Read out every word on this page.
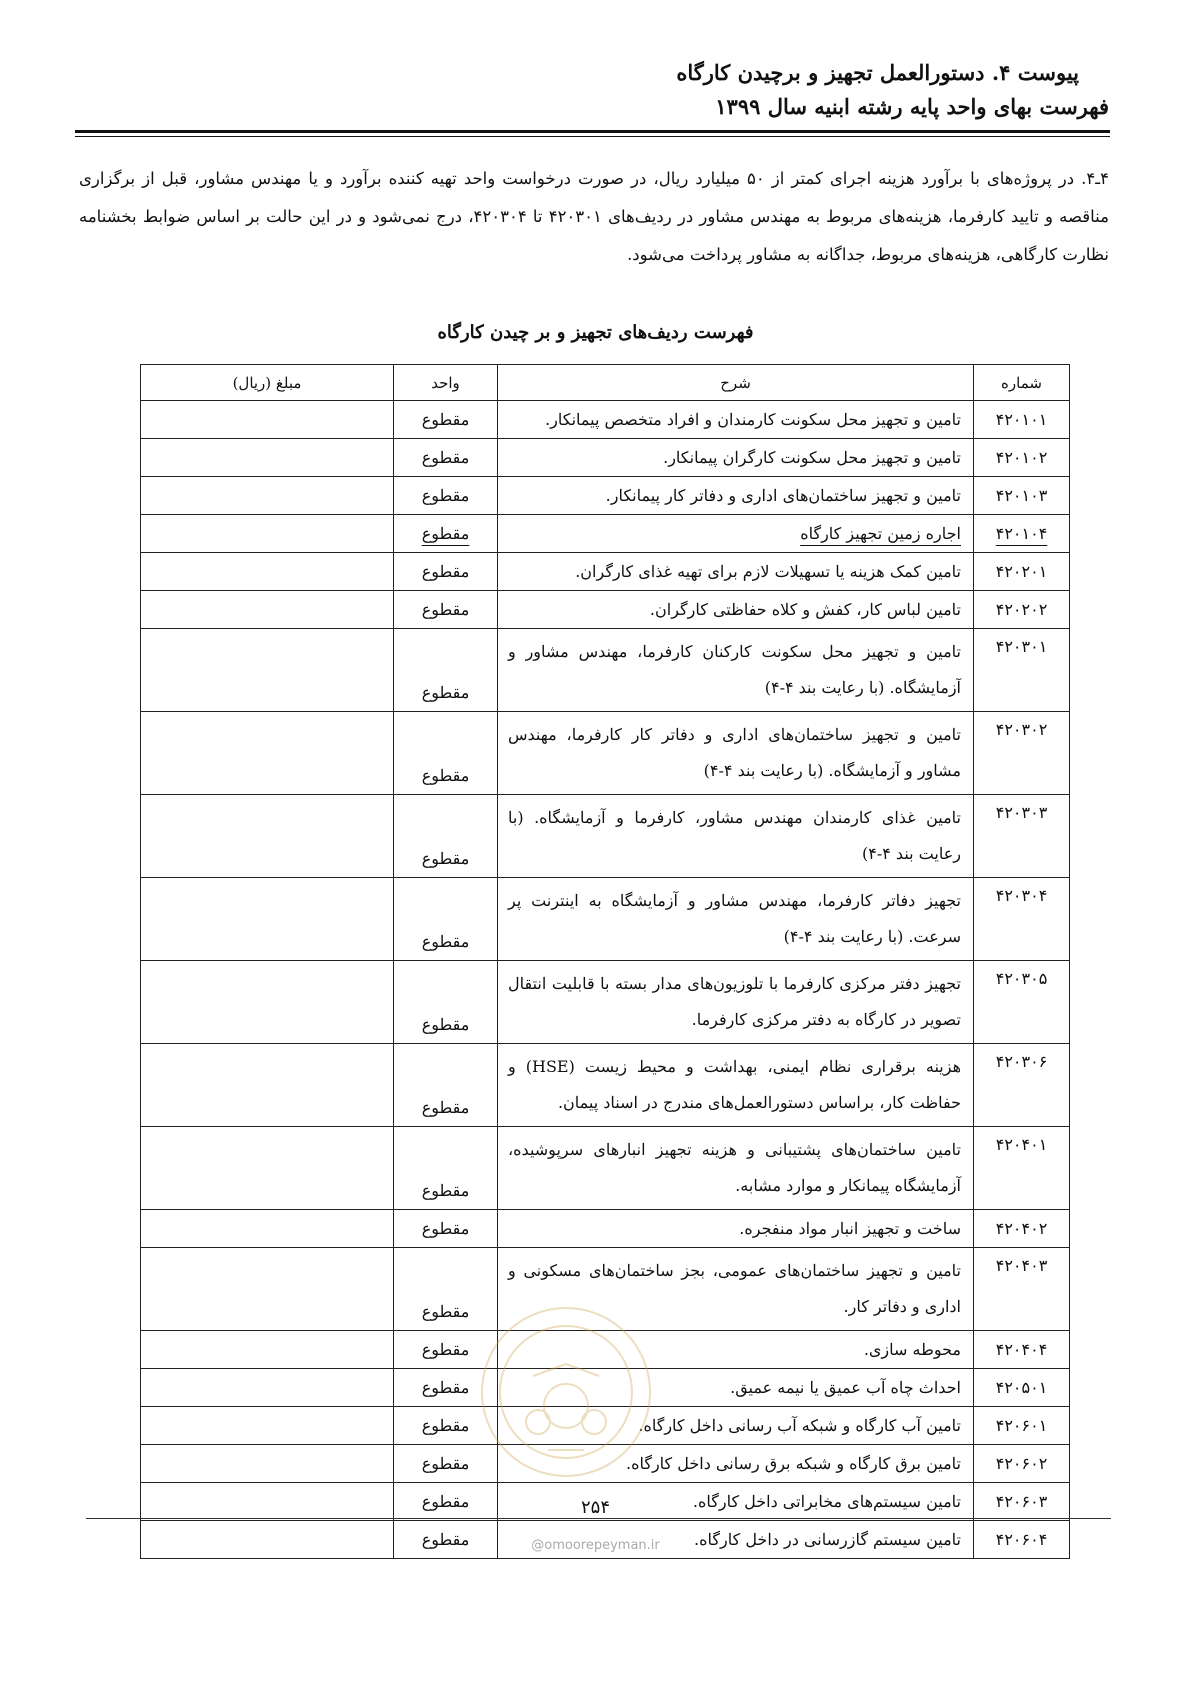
پیوست ۴. دستورالعمل تجهیز و برچیدن کارگاه
فهرست بهای واحد پایه رشته ابنیه سال ۱۳۹۹
۴ـ۴. در پروژه‌های با برآورد هزینه اجرای کمتر از ۵۰ میلیارد ریال، در صورت درخواست واحد تهیه کننده برآورد و یا مهندس مشاور، قبل از برگزاری مناقصه و تایید کارفرما، هزینه‌های مربوط به مهندس مشاور در ردیف‌های ۴۲۰۳۰۱ تا ۴۲۰۳۰۴، درج نمی‌شود و در این حالت بر اساس ضوابط بخشنامه نظارت کارگاهی، هزینه‌های مربوط، جداگانه به مشاور پرداخت می‌شود.
فهرست ردیف‌های تجهیز و بر چیدن کارگاه
شماره	شرح	واحد	مبلغ (ریال)
۴۲۰۱۰۱	تامین و تجهیز محل سکونت کارمندان و افراد متخصص پیمانکار.	مقطوع	
۴۲۰۱۰۲	تامین و تجهیز محل سکونت کارگران پیمانکار.	مقطوع	
۴۲۰۱۰۳	تامین و تجهیز ساختمان‌های اداری و دفاتر کار پیمانکار.	مقطوع	
۴۲۰۱۰۴	اجاره زمین تجهیز کارگاه	مقطوع	
۴۲۰۲۰۱	تامین کمک هزینه یا تسهیلات لازم برای تهیه غذای کارگران.	مقطوع	
۴۲۰۲۰۲	تامین لباس کار، کفش و کلاه حفاظتی کارگران.	مقطوع	
۴۲۰۳۰۱	تامین و تجهیز محل سکونت کارکنان کارفرما، مهندس مشاور و آزمایشگاه. (با رعایت بند ۴-۴)	مقطوع	
۴۲۰۳۰۲	تامین و تجهیز ساختمان‌های اداری و دفاتر کار کارفرما، مهندس مشاور و آزمایشگاه. (با رعایت بند ۴-۴)	مقطوع	
۴۲۰۳۰۳	تامین غذای کارمندان مهندس مشاور، کارفرما و آزمایشگاه. (با رعایت بند ۴-۴)	مقطوع	
۴۲۰۳۰۴	تجهیز دفاتر کارفرما، مهندس مشاور و آزمایشگاه به اینترنت پر سرعت. (با رعایت بند ۴-۴)	مقطوع	
۴۲۰۳۰۵	تجهیز دفتر مرکزی کارفرما با تلوزیون‌های مدار بسته با قابلیت انتقال تصویر در کارگاه به دفتر مرکزی کارفرما.	مقطوع	
۴۲۰۳۰۶	هزینه برقراری نظام ایمنی، بهداشت و محیط زیست (HSE) و حفاظت کار، براساس دستورالعمل‌های مندرج در اسناد پیمان.	مقطوع	
۴۲۰۴۰۱	تامین ساختمان‌های پشتیبانی و هزینه تجهیز انبارهای سرپوشیده، آزمایشگاه پیمانکار و موارد مشابه.	مقطوع	
۴۲۰۴۰۲	ساخت و تجهیز انبار مواد منفجره.	مقطوع	
۴۲۰۴۰۳	تامین و تجهیز ساختمان‌های عمومی، بجز ساختمان‌های مسکونی و اداری و دفاتر کار.	مقطوع	
۴۲۰۴۰۴	محوطه سازی.	مقطوع	
۴۲۰۵۰۱	احداث چاه آب عمیق یا نیمه عمیق.	مقطوع	
۴۲۰۶۰۱	تامین آب کارگاه و شبکه آب رسانی داخل کارگاه.	مقطوع	
۴۲۰۶۰۲	تامین برق کارگاه و شبکه برق رسانی داخل کارگاه.	مقطوع	
۴۲۰۶۰۳	تامین سیستم‌های مخابراتی داخل کارگاه.	مقطوع	
۴۲۰۶۰۴	تامین سیستم گازرسانی در داخل کارگاه.	مقطوع	
۲۵۴
@omoorepeyman.ir
